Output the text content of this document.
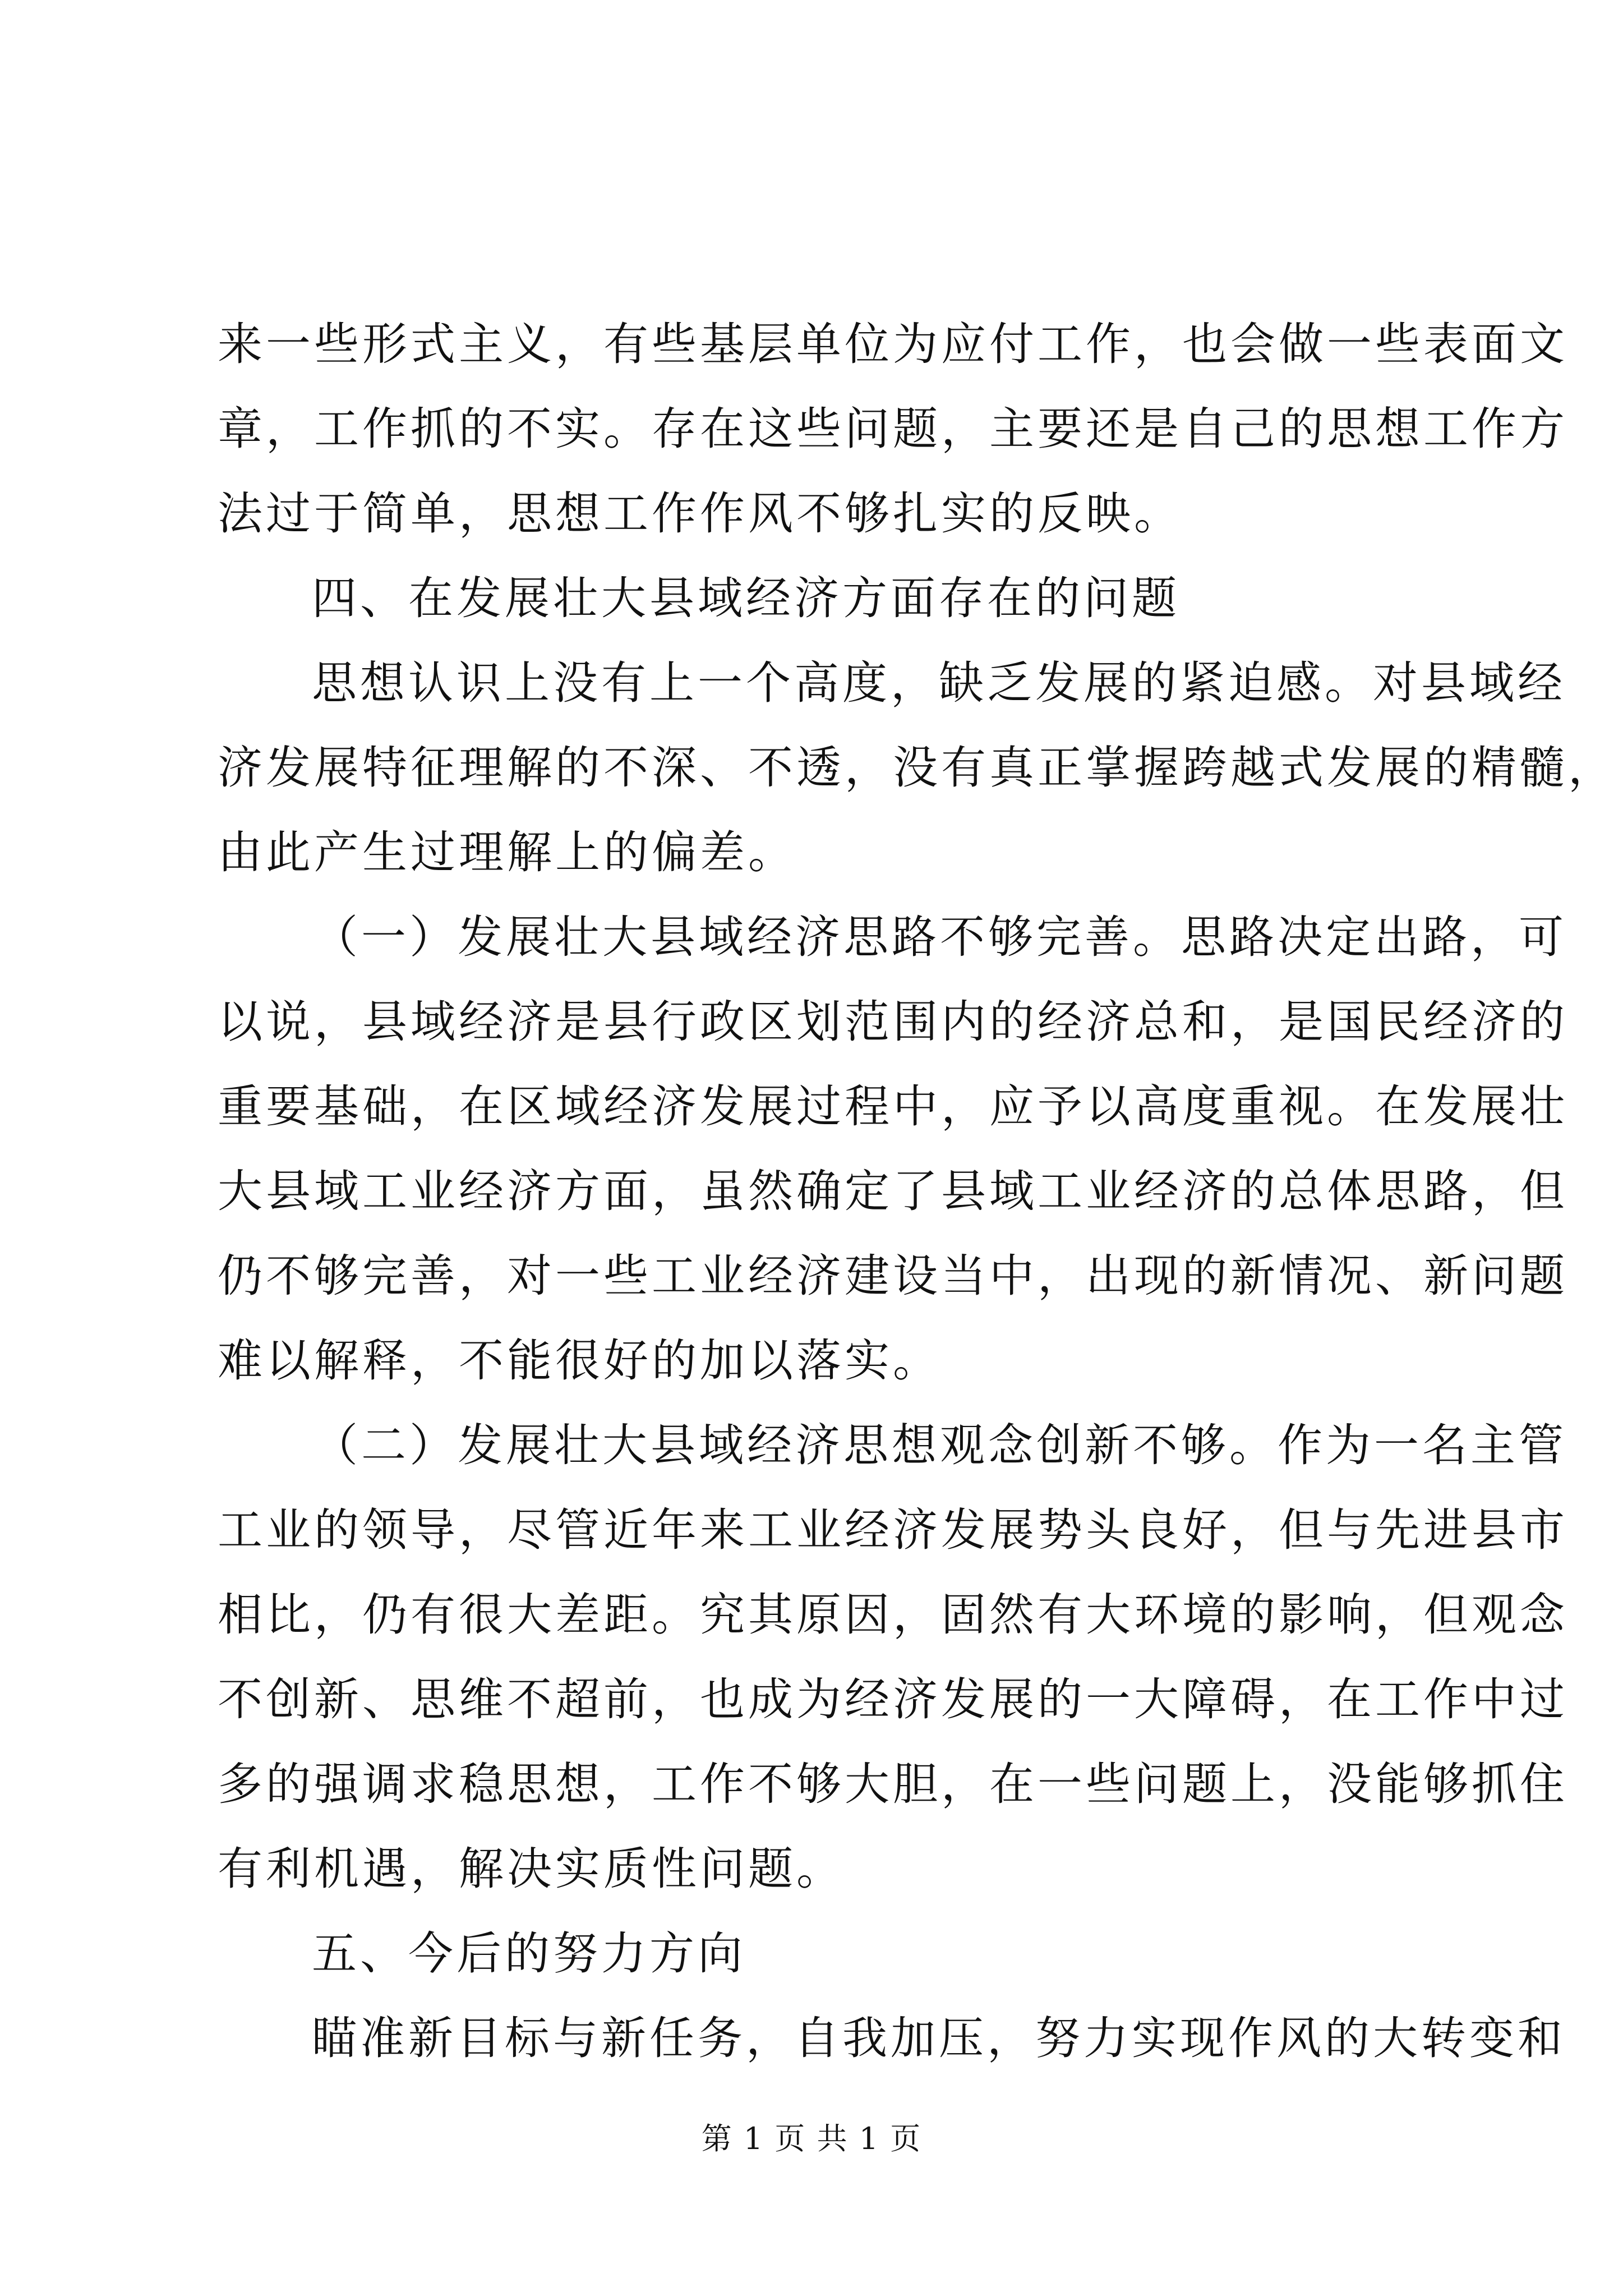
来一些形式主义，有些基层单位为应付工作，也会做一些表面文
章，工作抓的不实。存在这些问题，主要还是自己的思想工作方
法过于简单，思想工作作风不够扎实的反映。
四、在发展壮大县域经济方面存在的问题
思想认识上没有上一个高度，缺乏发展的紧迫感。对县域经
济发展特征理解的不深、不透，没有真正掌握跨越式发展的精髓，
由此产生过理解上的偏差。
（一）发展壮大县域经济思路不够完善。思路决定出路，可
以说，县域经济是县行政区划范围内的经济总和，是国民经济的
重要基础，在区域经济发展过程中，应予以高度重视。在发展壮
大县域工业经济方面，虽然确定了县域工业经济的总体思路，但
仍不够完善，对一些工业经济建设当中，出现的新情况、新问题
难以解释，不能很好的加以落实。
（二）发展壮大县域经济思想观念创新不够。作为一名主管
工业的领导，尽管近年来工业经济发展势头良好，但与先进县市
相比，仍有很大差距。究其原因，固然有大环境的影响，但观念
不创新、思维不超前，也成为经济发展的一大障碍，在工作中过
多的强调求稳思想，工作不够大胆，在一些问题上，没能够抓住
有利机遇，解决实质性问题。
五、今后的努力方向
瞄准新目标与新任务，自我加压，努力实现作风的大转变和
第 1 页 共 1 页
